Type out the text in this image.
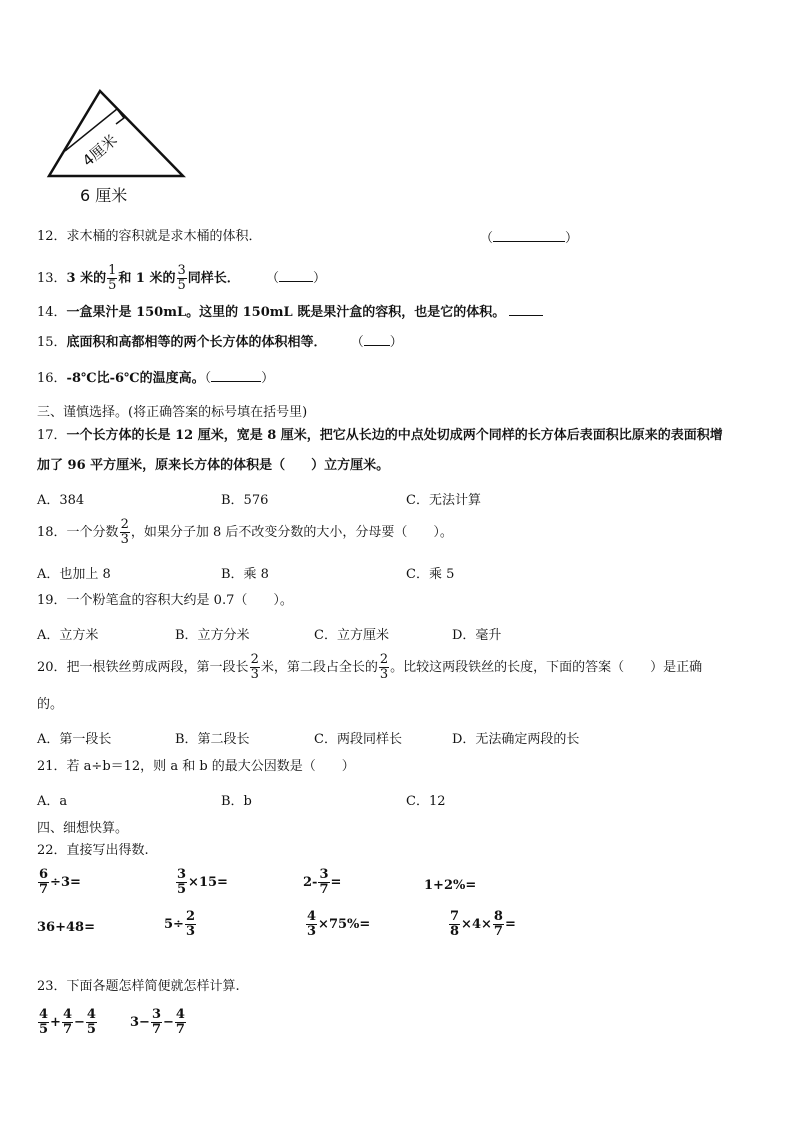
4厘米
6 厘米
12．求木桶的容积就是求木桶的体积．	（	）
13．3 米的 $\frac{1}{5}$ 和 1 米的 $\frac{3}{5}$ 同样长． （	）
14．一盒果汁是 150mL。这里的 150mL 既是果汁盒的容积，也是它的体积。
15．底面积和高都相等的两个长方体的体积相等． （ ）
16．-8℃比-6℃的温度高。（	）
三、谨慎选择。(将正确答案的标号填在括号里)
17．一个长方体的长是 12 厘米，宽是 8 厘米，把它从长边的中点处切成两个同样的长方体后表面积比原来的表面积增
加了 96 平方厘米，原来长方体的体积是（　　）立方厘米。
A．384	B．576	C．无法计算
18．一个分数 $\frac{2}{3}$ ，如果分子加 8 后不改变分数的大小，分母要（　　）。
A．也加上 8	B．乘 8	C．乘 5
19．一个粉笔盒的容积大约是 0.7（　　）。
A．立方米	B．立方分米	C．立方厘米	D．毫升
20．把一根铁丝剪成两段，第一段长 $\frac{2}{3}$ 米，第二段占全长的 $\frac{2}{3}$ 。比较这两段铁丝的长度，下面的答案（　　）是正确
的。
A．第一段长	B．第二段长	C．两段同样长	D．无法确定两段的长
21．若 a÷b＝12，则 a 和 b 的最大公因数是（　　）
A．a	B．b	C．12
四、细想快算。
22．直接写出得数.
$\frac{6}{7} \div 3=$	$\frac{3}{5} \times 15=$	$2- \frac{3}{7}$ =	1+2%=
36+48=	$5\div \frac{2}{3}$	$\frac{4}{3} \times 75\%=$	$\frac{7}{8} \times 4\times \frac{8}{7}$ =
23．下面各题怎样简便就怎样计算.
$\frac{4}{5} + \frac{4}{7} - \frac{4}{5}$	$3- \frac{3}{7} - \frac{4}{7}$
